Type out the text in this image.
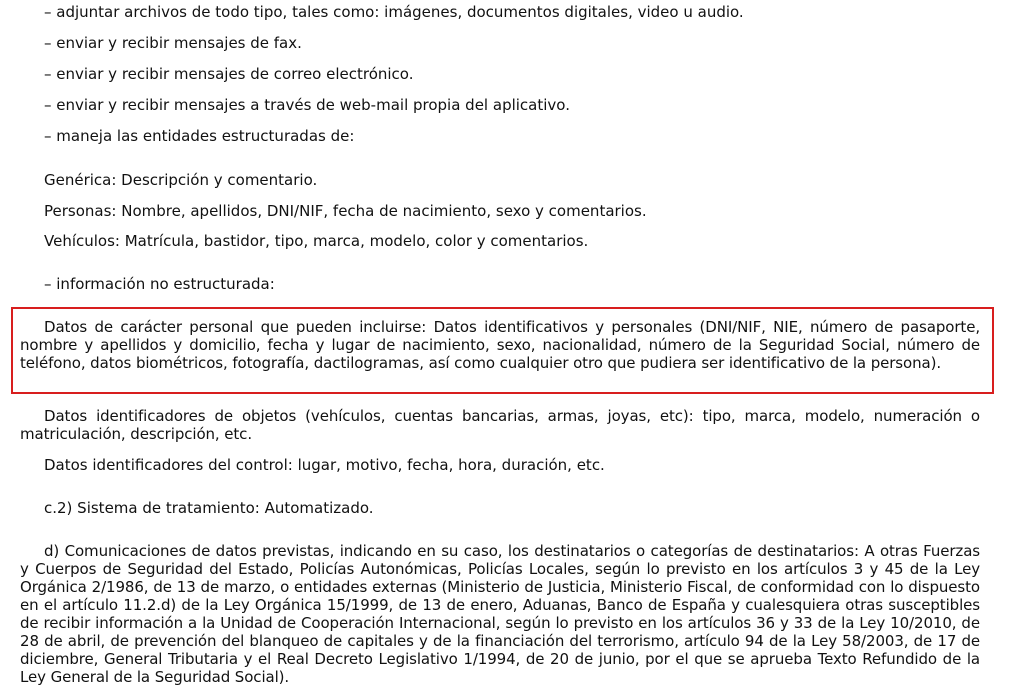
– adjuntar archivos de todo tipo, tales como: imágenes, documentos digitales, video u audio.

– enviar y recibir mensajes de fax.

– enviar y recibir mensajes de correo electrónico.

– enviar y recibir mensajes a través de web-mail propia del aplicativo.

– maneja las entidades estructuradas de:

Genérica: Descripción y comentario.

Personas: Nombre, apellidos, DNI/NIF, fecha de nacimiento, sexo y comentarios.

Vehículos: Matrícula, bastidor, tipo, marca, modelo, color y comentarios.

– información no estructurada:

Datos de carácter personal que pueden incluirse: Datos identificativos y personales (DNI/NIF, NIE, número de pasaporte, nombre y apellidos y domicilio, fecha y lugar de nacimiento, sexo, nacionalidad, número de la Seguridad Social, número de teléfono, datos biométricos, fotografía, dactilogramas, así como cualquier otro que pudiera ser identificativo de la persona).

Datos identificadores de objetos (vehículos, cuentas bancarias, armas, joyas, etc): tipo, marca, modelo, numeración o matriculación, descripción, etc.

Datos identificadores del control: lugar, motivo, fecha, hora, duración, etc.

c.2) Sistema de tratamiento: Automatizado.

d) Comunicaciones de datos previstas, indicando en su caso, los destinatarios o categorías de destinatarios: A otras Fuerzas y Cuerpos de Seguridad del Estado, Policías Autonómicas, Policías Locales, según lo previsto en los artículos 3 y 45 de la Ley Orgánica 2/1986, de 13 de marzo, o entidades externas (Ministerio de Justicia, Ministerio Fiscal, de conformidad con lo dispuesto en el artículo 11.2.d) de la Ley Orgánica 15/1999, de 13 de enero, Aduanas, Banco de España y cualesquiera otras susceptibles de recibir información a la Unidad de Cooperación Internacional, según lo previsto en los artículos 36 y 33 de la Ley 10/2010, de 28 de abril, de prevención del blanqueo de capitales y de la financiación del terrorismo, artículo 94 de la Ley 58/2003, de 17 de diciembre, General Tributaria y el Real Decreto Legislativo 1/1994, de 20 de junio, por el que se aprueba Texto Refundido de la Ley General de la Seguridad Social).
